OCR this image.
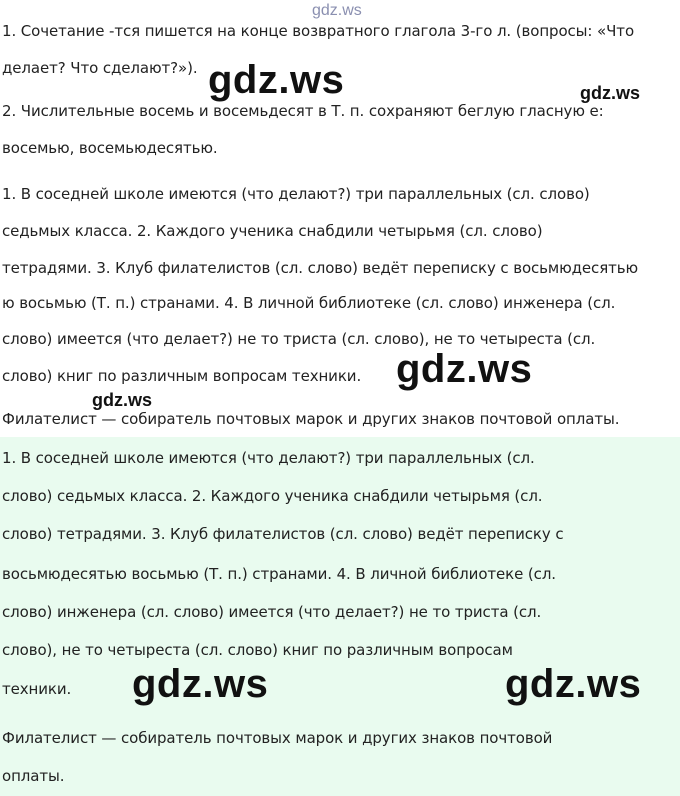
1. Сочетание -тся пишется на конце возвратного глагола 3-го л. (вопросы: «Что
делает? Что сделают?»).
2. Числительные восемь и восемьдесят в Т. п. сохраняют беглую гласную е:
восемью, восемьюдесятью.
1. В соседней школе имеются (что делают?) три параллельных (сл. слово)
седьмых класса. 2. Каждого ученика снабдили четырьмя (сл. слово)
тетрадями. 3. Клуб филателистов (сл. слово) ведёт переписку с восьмюдесятью
ю восьмью (Т. п.) странами. 4. В личной библиотеке (сл. слово) инженера (сл.
слово) имеется (что делает?) не то триста (сл. слово), не то четыреста (сл.
слово) книг по различным вопросам техники.
Филателист — собиратель почтовых марок и других знаков почтовой оплаты.
1. В соседней школе имеются (что делают?) три параллельных (сл.
слово) седьмых класса. 2. Каждого ученика снабдили четырьмя (сл.
слово) тетрадями. 3. Клуб филателистов (сл. слово) ведёт переписку с
восьмюдесятью восьмью (Т. п.) странами. 4. В личной библиотеке (сл.
слово) инженера (сл. слово) имеется (что делает?) не то триста (сл.
слово), не то четыреста (сл. слово) книг по различным вопросам
техники.
Филателист — собиратель почтовых марок и других знаков почтовой
оплаты.
gdz.ws
gdz.ws	gdz.ws
gdz.ws
gdz.ws
gdz.ws	gdz.ws
